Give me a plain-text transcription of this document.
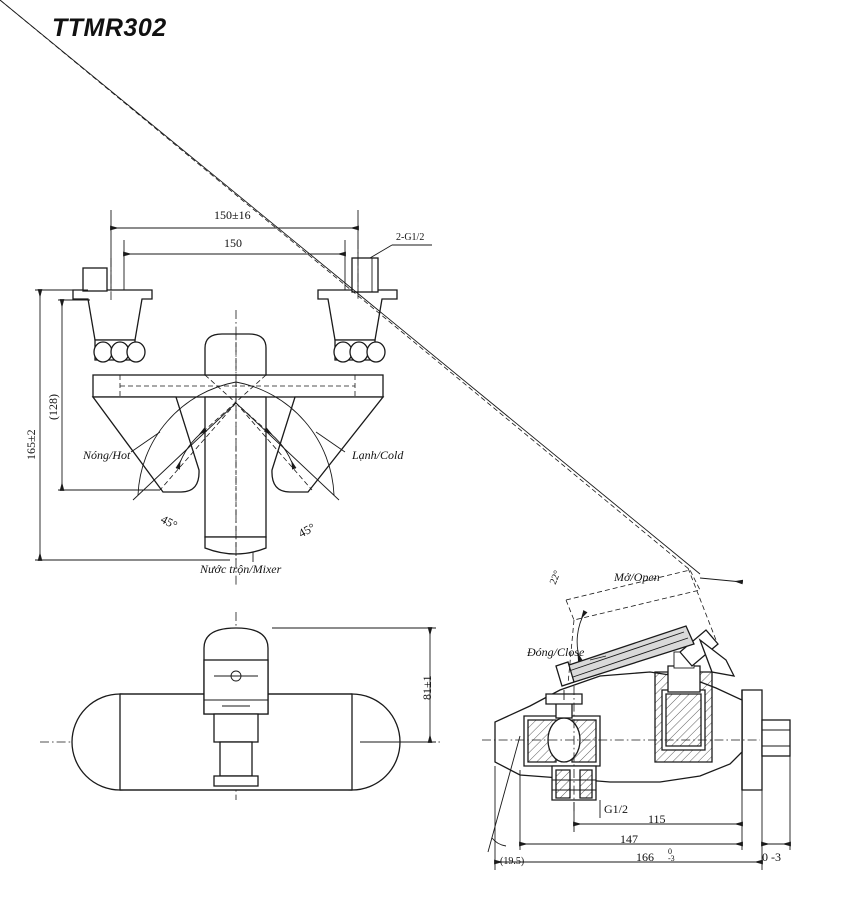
TTMR302
150±16
150	2-G1/2
165±2
(128)
45°	45°
Nóng/Hot	Lạnh/Cold
Nước trộn/Mixer
81±1
Mở/Open
Đóng/Close
22°
G1/2
115
147
166 0
-3	0 -3
(19.5)
